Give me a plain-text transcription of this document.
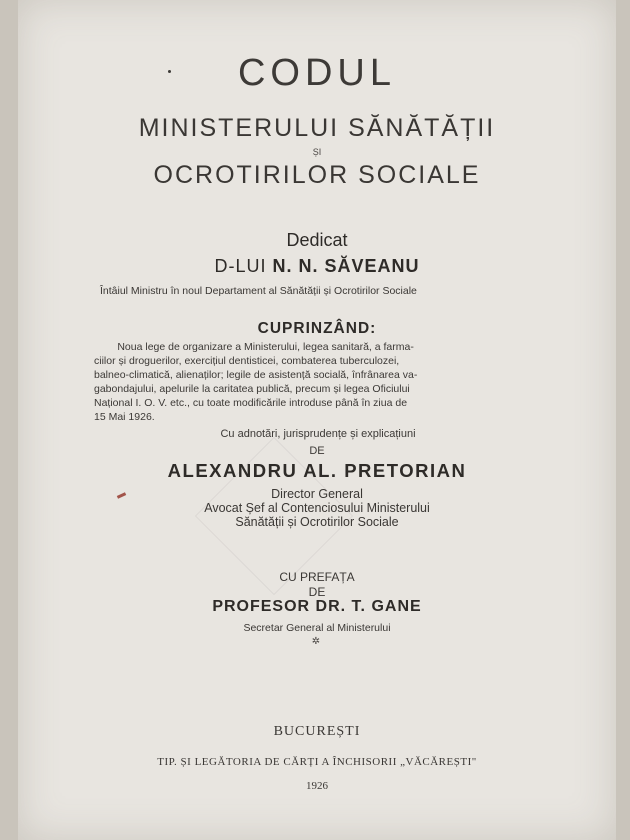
CODUL
MINISTERULUI SĂNĂTĂȚII
ȘI
OCROTIRILOR SOCIALE
Dedicat
D-LUI N. N. SĂVEANU
Întâiul Ministru în noul Departament al Sănătății și Ocrotirilor Sociale
CUPRINZÂND:
Noua lege de organizare a Ministerului, legea sanitară, a farma-
ciilor și droguerilor, exercițiul dentisticei, combaterea tuberculozei,
balneo-climatică, alienaților; legile de asistență socială, înfrânarea va-
gabondajului, apelurile la caritatea publică, precum și legea Oficiului
Național I. O. V. etc., cu toate modificările introduse până în ziua de
15 Mai 1926.
Cu adnotări, jurisprudențe și explicațiuni
DE
ALEXANDRU AL. PRETORIAN
Director General
Avocat Șef al Contenciosului Ministerului
Sănătății și Ocrotirilor Sociale
CU PREFAȚA
DE
PROFESOR DR. T. GANE
Secretar General al Ministerului
✲
BUCUREȘTI
TIP. ȘI LEGĂTORIA DE CĂRȚI A ÎNCHISORII „VĂCĂREȘTI"
1926
